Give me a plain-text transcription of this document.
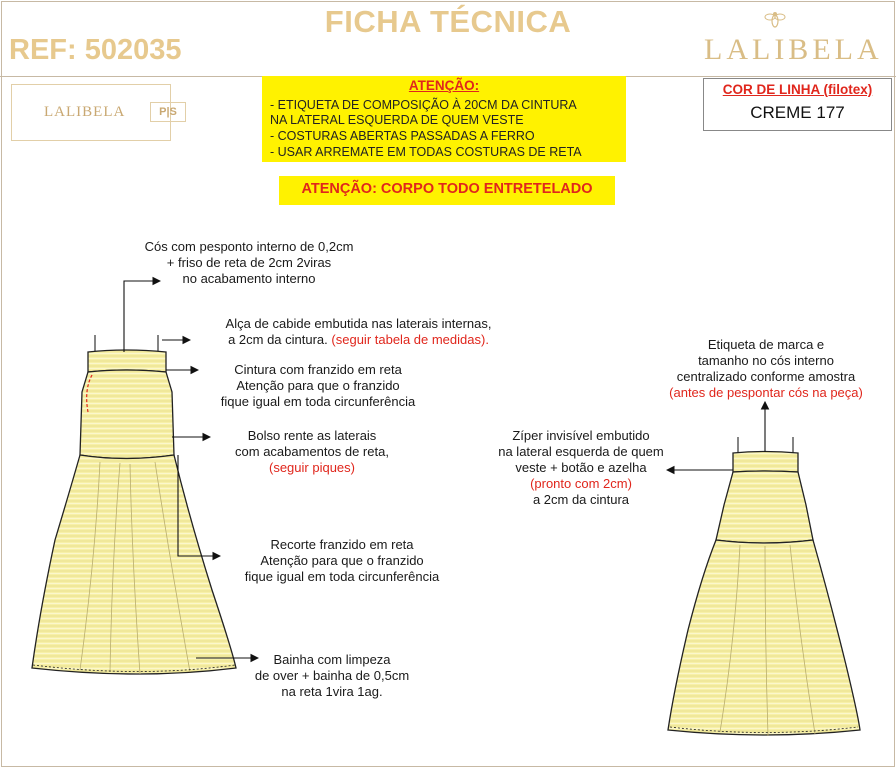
FICHA TÉCNICA
REF: 502035	LALIBELA
LALIBELA	P|S
ATENÇÃO:
- ETIQUETA DE COMPOSIÇÃO À 20CM DA CINTURA
NA LATERAL ESQUERDA DE QUEM VESTE
- COSTURAS ABERTAS PASSADAS A FERRO
- USAR ARREMATE EM TODAS COSTURAS DE RETA
COR DE LINHA (filotex)
CREME 177
ATENÇÃO: CORPO TODO ENTRETELADO
Cós com pesponto interno de 0,2cm
+ friso de reta de 2cm 2viras
no acabamento interno
Alça de cabide embutida nas laterais internas,
a 2cm da cintura. (seguir tabela de medidas).
Cintura com franzido em reta
Atenção para que o franzido
fique igual em toda circunferência
Bolso rente as laterais
com acabamentos de reta,
(seguir piques)
Recorte franzido em reta
Atenção para que o franzido
fique igual em toda circunferência
Bainha com limpeza
de over + bainha de 0,5cm
na reta 1vira 1ag.
Etiqueta de marca e
tamanho no cós interno
centralizado conforme amostra
(antes de pespontar cós na peça)
Zíper invisível embutido
na lateral esquerda de quem
veste + botão e azelha
(pronto com 2cm)
a 2cm da cintura
